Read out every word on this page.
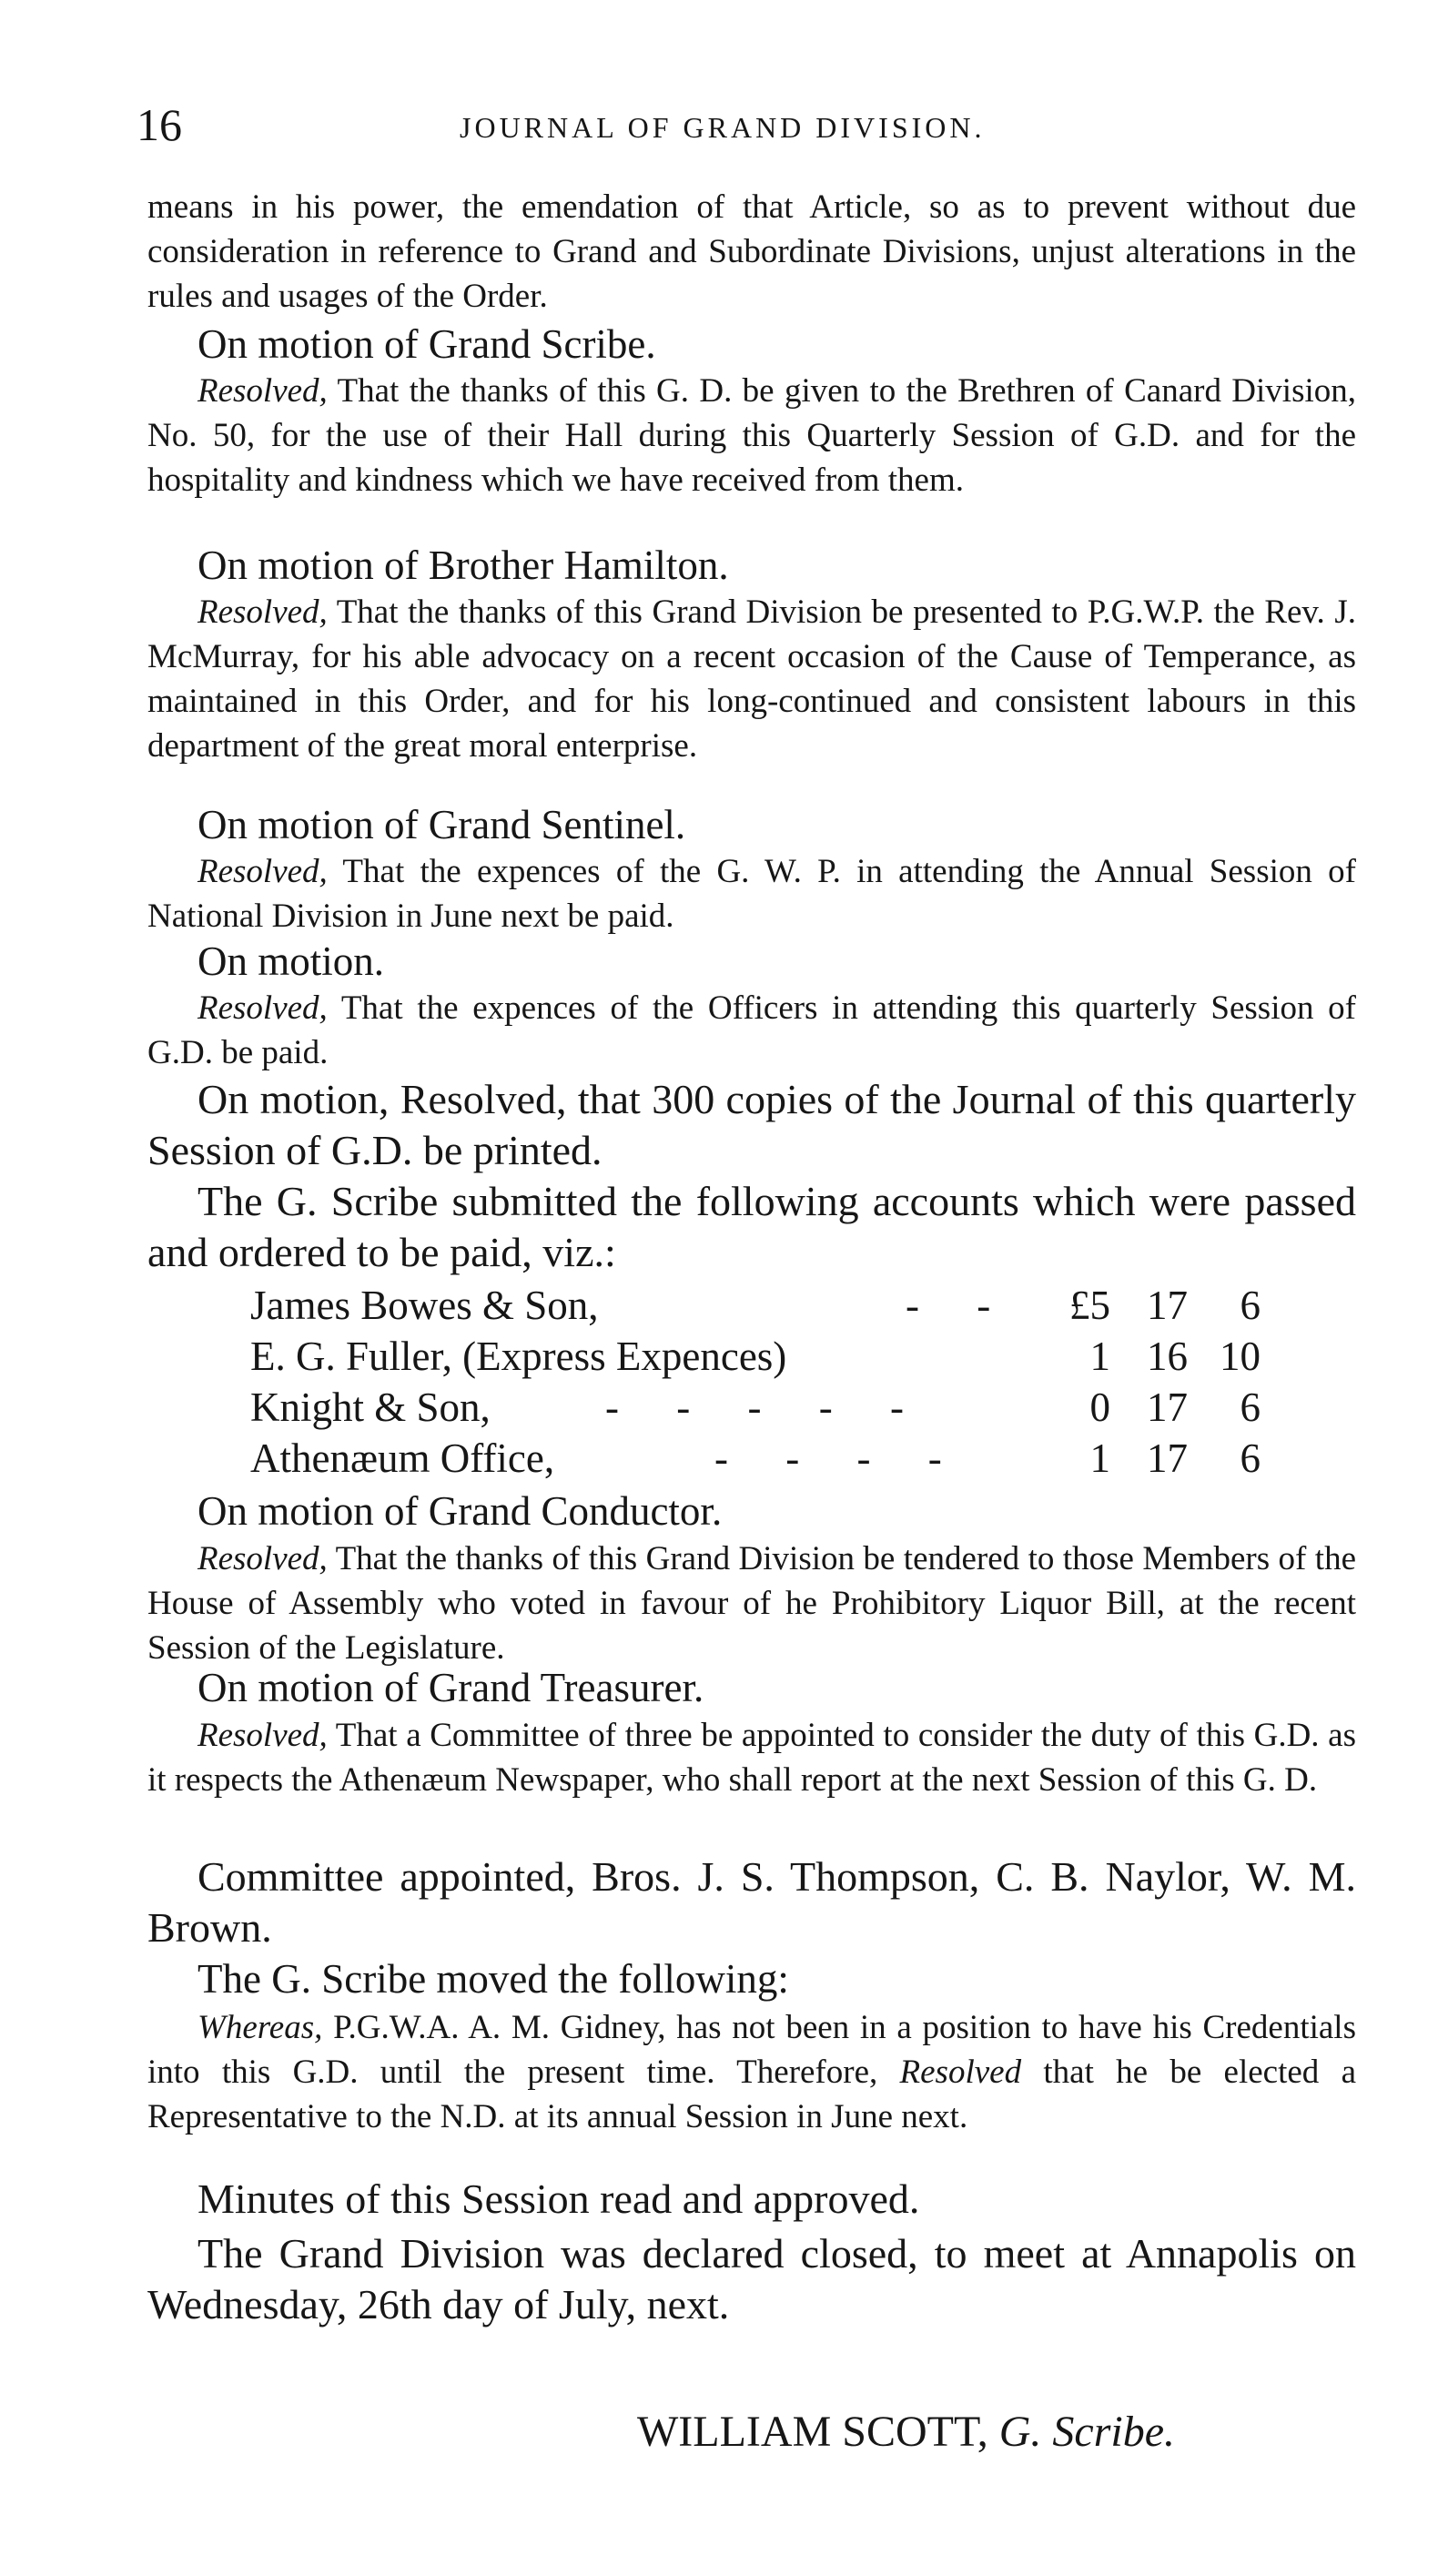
16	JOURNAL OF GRAND DIVISION.

means in his power, the emendation of that Article, so as to prevent without due consideration in reference to Grand and Subordinate Divisions, unjust alterations in the rules and usages of the Order.

On motion of Grand Scribe.

Resolved, That the thanks of this G. D. be given to the Brethren of Canard Division, No. 50, for the use of their Hall during this Quarterly Session of G.D. and for the hospitality and kindness which we have received from them.

On motion of Brother Hamilton.

Resolved, That the thanks of this Grand Division be presented to P.G.W.P. the Rev. J. McMurray, for his able advocacy on a recent occasion of the Cause of Temperance, as maintained in this Order, and for his long-continued and consistent labours in this department of the great moral enterprise.

On motion of Grand Sentinel.

Resolved, That the expences of the G. W. P. in attending the Annual Session of National Division in June next be paid.

On motion.

Resolved, That the expences of the Officers in attending this quarterly Session of G.D. be paid.

On motion, Resolved, that 300 copies of the Journal of this quarterly Session of G.D. be printed.

The G. Scribe submitted the following accounts which were passed and ordered to be paid, viz.:

James Bowes & Son,	- -	£5 17	6
E. G. Fuller, (Express Expences)	1 16 10
Knight & Son,	- - - - -	0 17	6
Athenæum Office,	- - - -	1 17	6
On motion of Grand Conductor.

Resolved, That the thanks of this Grand Division be tendered to those Members of the House of Assembly who voted in favour of he Prohibitory Liquor Bill, at the recent Session of the Legislature.

On motion of Grand Treasurer.

Resolved, That a Committee of three be appointed to consider the duty of this G.D. as it respects the Athenæum Newspaper, who shall report at the next Session of this G. D.

Committee appointed, Bros. J. S. Thompson, C. B. Naylor, W. M. Brown.

The G. Scribe moved the following:

Whereas, P.G.W.A. A. M. Gidney, has not been in a position to have his Credentials into this G.D. until the present time. Therefore, Resolved that he be elected a Representative to the N.D. at its annual Session in June next.

Minutes of this Session read and approved.

The Grand Division was declared closed, to meet at Annapolis on Wednesday, 26th day of July, next.

WILLIAM SCOTT, G. Scribe.
